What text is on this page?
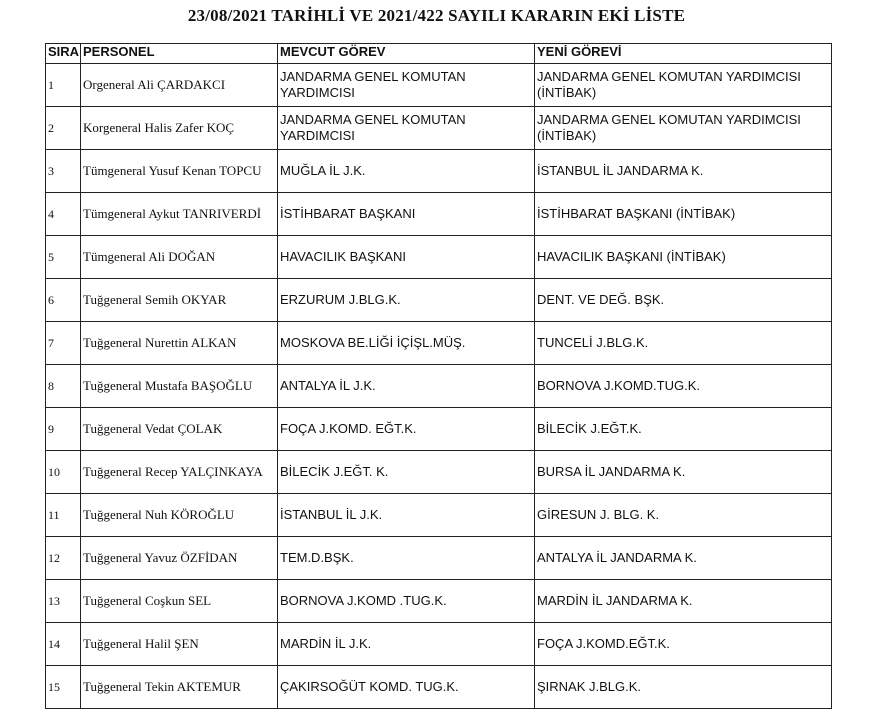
23/08/2021 TARİHLİ VE 2021/422 SAYILI KARARIN EKİ LİSTE
SIRA	PERSONEL	MEVCUT GÖREV	YENİ GÖREVİ
1	Orgeneral Ali ÇARDAKCI	JANDARMA GENEL KOMUTAN YARDIMCISI	JANDARMA GENEL KOMUTAN YARDIMCISI (İNTİBAK)
2	Korgeneral Halis Zafer KOÇ	JANDARMA GENEL KOMUTAN YARDIMCISI	JANDARMA GENEL KOMUTAN YARDIMCISI (İNTİBAK)
3	Tümgeneral Yusuf Kenan TOPCU	MUĞLA İL J.K.	İSTANBUL İL JANDARMA K.
4	Tümgeneral Aykut TANRIVERDİ	İSTİHBARAT BAŞKANI	İSTİHBARAT BAŞKANI (İNTİBAK)
5	Tümgeneral Ali DOĞAN	HAVACILIK BAŞKANI	HAVACILIK BAŞKANI (İNTİBAK)
6	Tuğgeneral Semih OKYAR	ERZURUM J.BLG.K.	DENT. VE DEĞ. BŞK.
7	Tuğgeneral Nurettin ALKAN	MOSKOVA BE.LİĞİ İÇİŞL.MÜŞ.	TUNCELİ J.BLG.K.
8	Tuğgeneral Mustafa BAŞOĞLU	ANTALYA İL J.K.	BORNOVA J.KOMD.TUG.K.
9	Tuğgeneral Vedat ÇOLAK	FOÇA J.KOMD. EĞT.K.	BİLECİK J.EĞT.K.
10	Tuğgeneral Recep YALÇINKAYA	BİLECİK J.EĞT. K.	BURSA İL JANDARMA K.
11	Tuğgeneral Nuh KÖROĞLU	İSTANBUL İL J.K.	GİRESUN J. BLG. K.
12	Tuğgeneral Yavuz ÖZFİDAN	TEM.D.BŞK.	ANTALYA İL JANDARMA K.
13	Tuğgeneral Coşkun SEL	BORNOVA J.KOMD .TUG.K.	MARDİN İL JANDARMA K.
14	Tuğgeneral Halil ŞEN	MARDİN İL J.K.	FOÇA J.KOMD.EĞT.K.
15	Tuğgeneral Tekin AKTEMUR	ÇAKIRSOĞÜT KOMD. TUG.K.	ŞIRNAK J.BLG.K.
